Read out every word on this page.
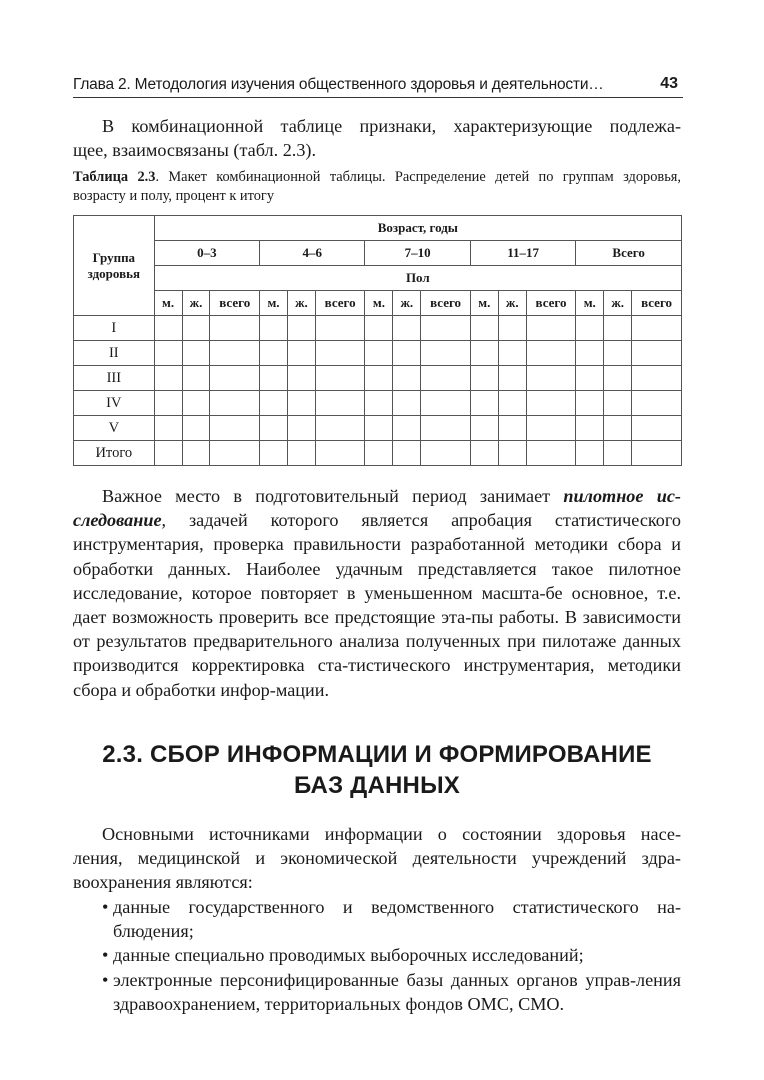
Глава 2. Методология изучения общественного здоровья и деятельности…	43
В комбинационной таблице признаки, характеризующие подлежа-
щее, взаимосвязаны (табл. 2.3).
Таблица 2.3. Макет комбинационной таблицы. Распределение детей по группам здоровья, возрасту и полу, процент к итогу
Группа здоровья	Возраст, годы														
	0–3			4–6			7–10			11–17			Всего		
	Пол														
	м.	ж.	всего	м.	ж.	всего	м.	ж.	всего	м.	ж.	всего	м.	ж.	всего
I															
II															
III															
IV															
V															
Итого															
Важное место в подготовительный период занимает пилотное ис-следование, задачей которого является апробация статистического инструментария, проверка правильности разработанной методики сбора и обработки данных. Наиболее удачным представляется такое пилотное исследование, которое повторяет в уменьшенном масшта-бе основное, т.е. дает возможность проверить все предстоящие эта-пы работы. В зависимости от результатов предварительного анализа полученных при пилотаже данных производится корректировка ста-тистического инструментария, методики сбора и обработки инфор-мации.
2.3. СБОР ИНФОРМАЦИИ И ФОРМИРОВАНИЕ
БАЗ ДАННЫХ
Основными источниками информации о состоянии здоровья насе-
ления, медицинской и экономической деятельности учреждений здра-воохранения являются:
• данные государственного и ведомственного статистического на-блюдения;
• данные специально проводимых выборочных исследований;
• электронные персонифицированные базы данных органов управ-ления здравоохранением, территориальных фондов ОМС, СМО.
